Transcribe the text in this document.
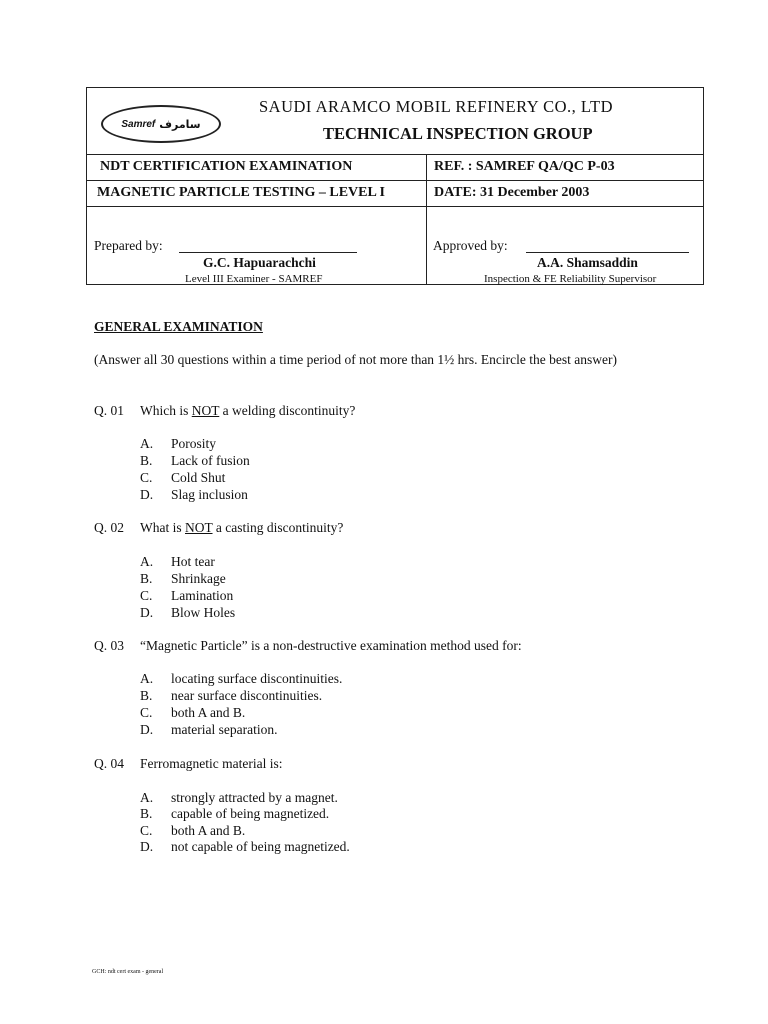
Samref سامرف
SAUDI ARAMCO MOBIL REFINERY CO., LTD
TECHNICAL INSPECTION GROUP
NDT CERTIFICATION EXAMINATION	REF. : SAMREF QA/QC P-03
MAGNETIC PARTICLE TESTING – LEVEL I	DATE: 31 December 2003
Prepared by:
G.C. Hapuarachchi
Level III Examiner - SAMREF
Approved by:
A.A. Shamsaddin
Inspection & FE Reliability Supervisor
GENERAL EXAMINATION
(Answer all 30 questions within a time period of not more than 1½ hrs. Encircle the best answer)
Q. 01 Which is NOT a welding discontinuity?
A. Porosity
B. Lack of fusion
C. Cold Shut
D. Slag inclusion
Q. 02 What is NOT a casting discontinuity?
A. Hot tear
B. Shrinkage
C. Lamination
D. Blow Holes
Q. 03 “Magnetic Particle” is a non-destructive examination method used for:
A. locating surface discontinuities.
B. near surface discontinuities.
C. both A and B.
D. material separation.
Q. 04 Ferromagnetic material is:
A. strongly attracted by a magnet.
B. capable of being magnetized.
C. both A and B.
D. not capable of being magnetized.
GCH: ndt cert exam - general
